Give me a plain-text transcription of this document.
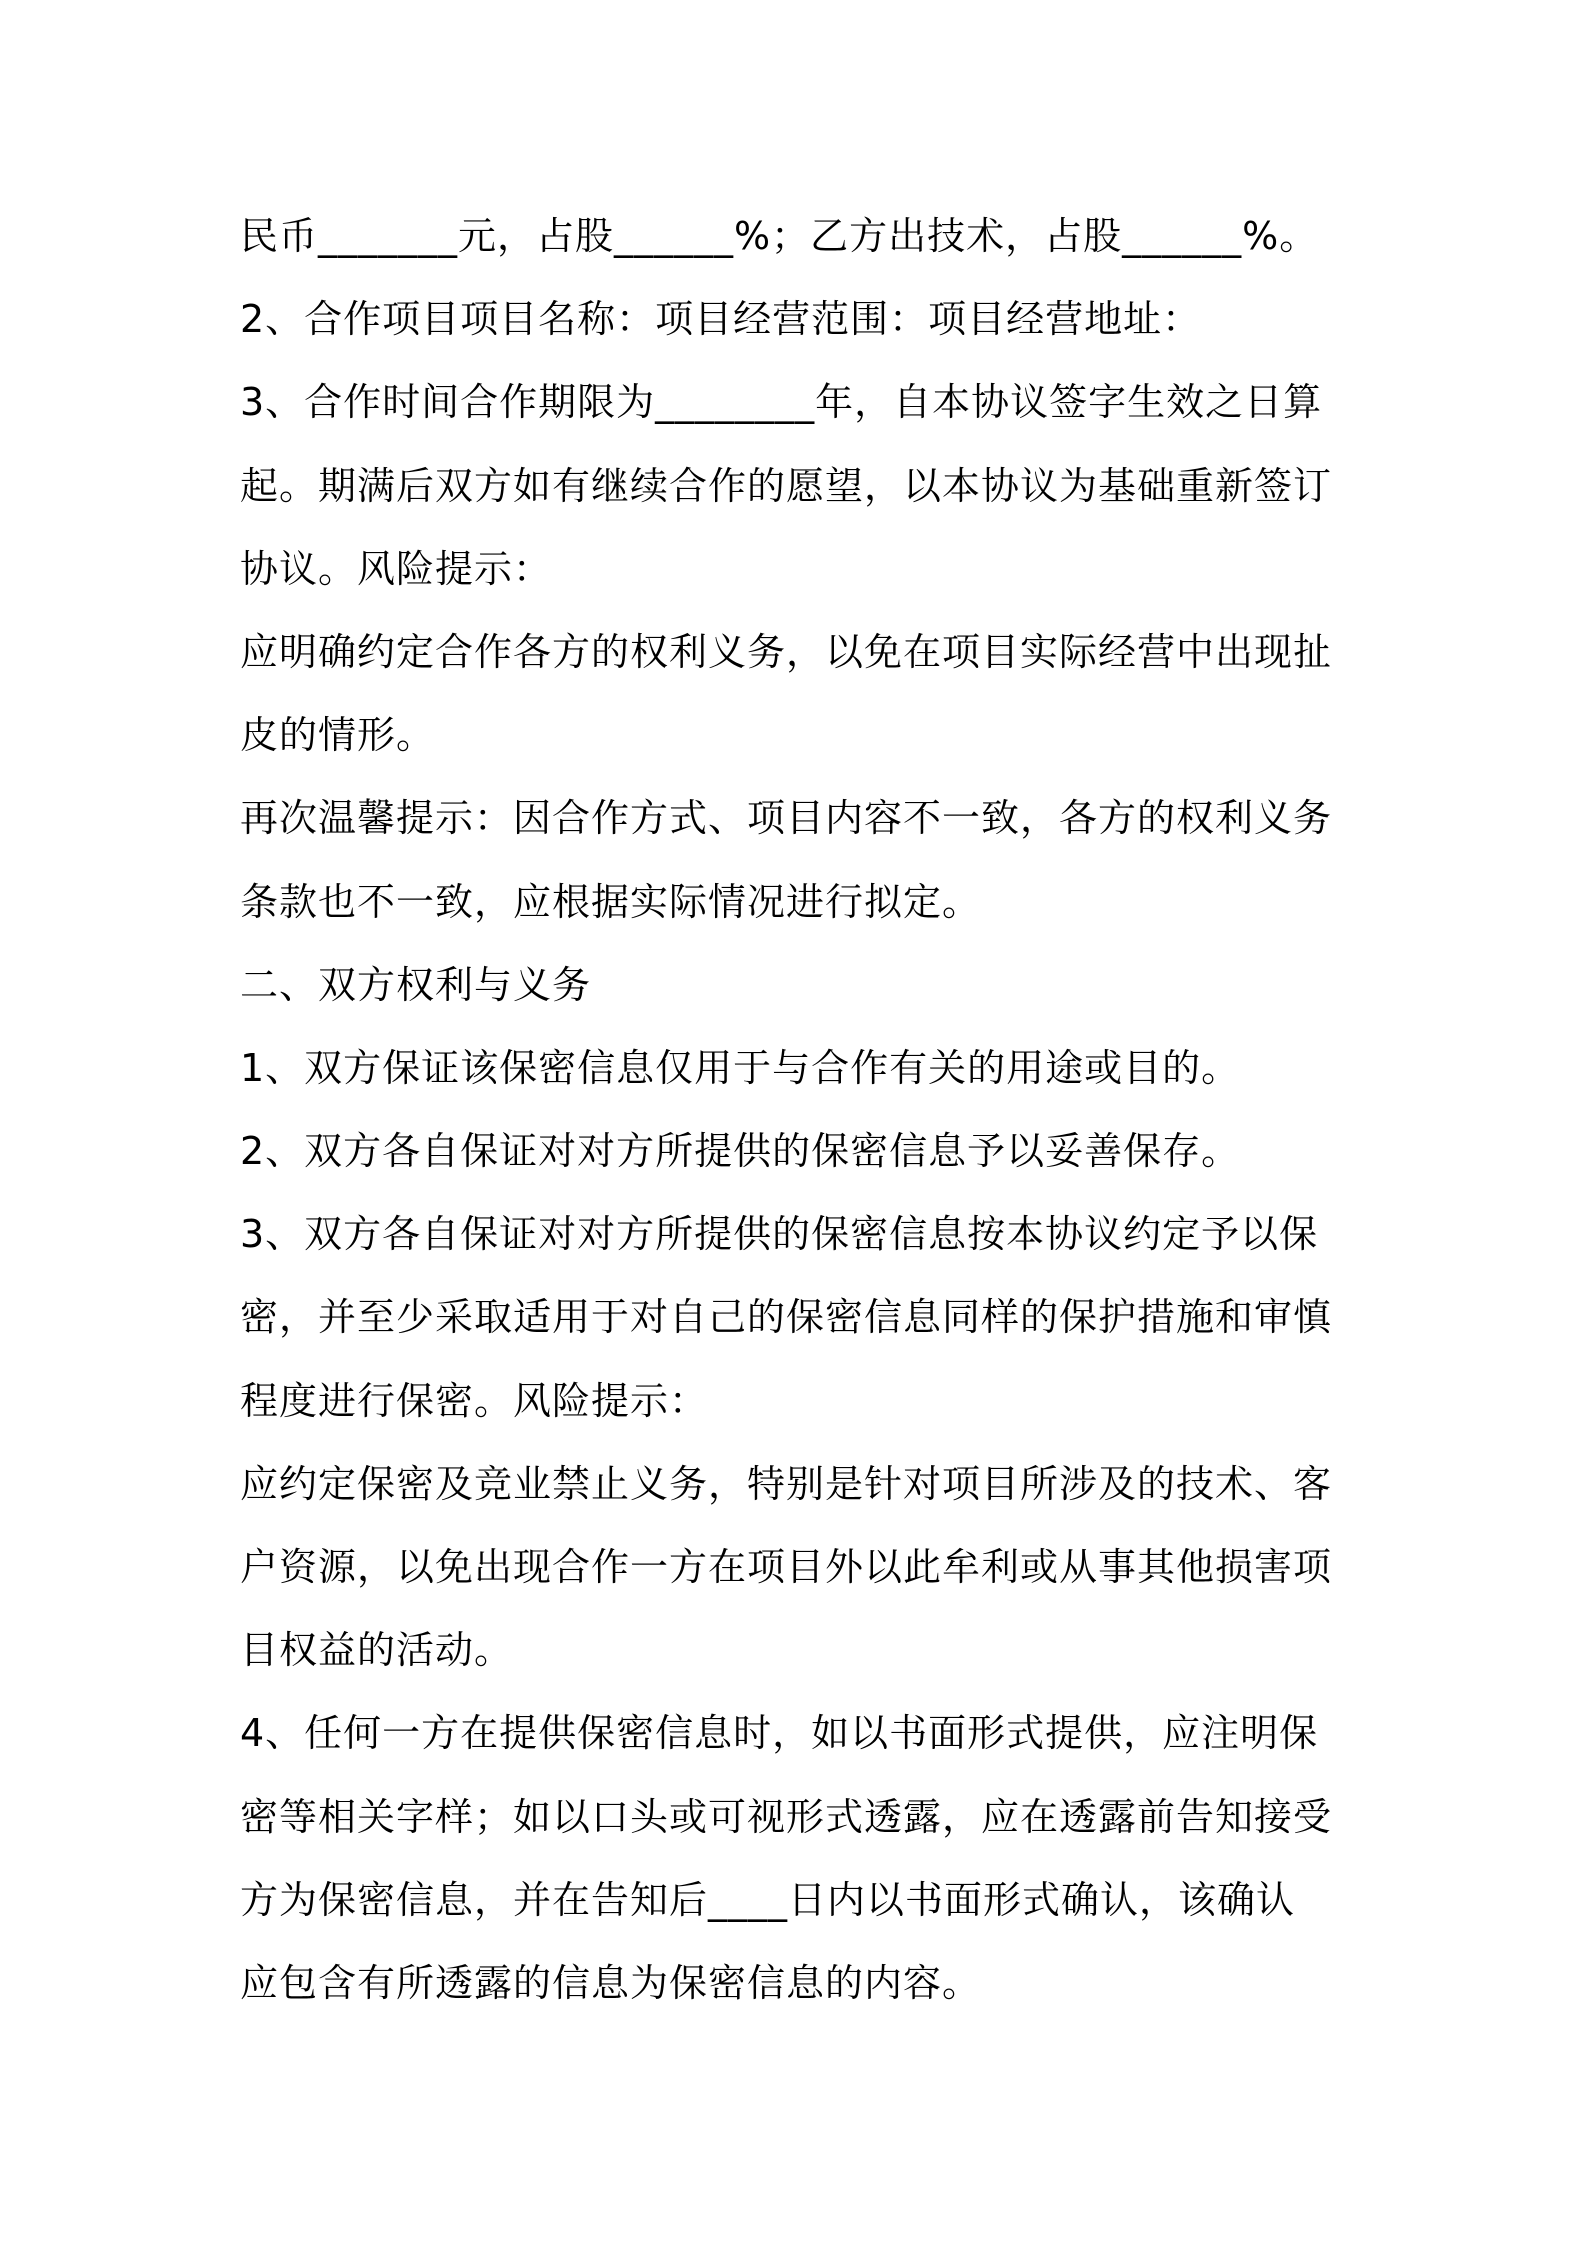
民币_______元，占股______%；乙方出技术，占股______%。
2、合作项目项目名称：项目经营范围：项目经营地址：
3、合作时间合作期限为________年，自本协议签字生效之日算
起。期满后双方如有继续合作的愿望，以本协议为基础重新签订
协议。风险提示：
应明确约定合作各方的权利义务，以免在项目实际经营中出现扯
皮的情形。
再次温馨提示：因合作方式、项目内容不一致，各方的权利义务
条款也不一致，应根据实际情况进行拟定。
二、双方权利与义务
1、双方保证该保密信息仅用于与合作有关的用途或目的。
2、双方各自保证对对方所提供的保密信息予以妥善保存。
3、双方各自保证对对方所提供的保密信息按本协议约定予以保
密，并至少采取适用于对自己的保密信息同样的保护措施和审慎
程度进行保密。风险提示：
应约定保密及竞业禁止义务，特别是针对项目所涉及的技术、客
户资源，以免出现合作一方在项目外以此牟利或从事其他损害项
目权益的活动。
4、任何一方在提供保密信息时，如以书面形式提供，应注明保
密等相关字样；如以口头或可视形式透露，应在透露前告知接受
方为保密信息，并在告知后____日内以书面形式确认，该确认
应包含有所透露的信息为保密信息的内容。
